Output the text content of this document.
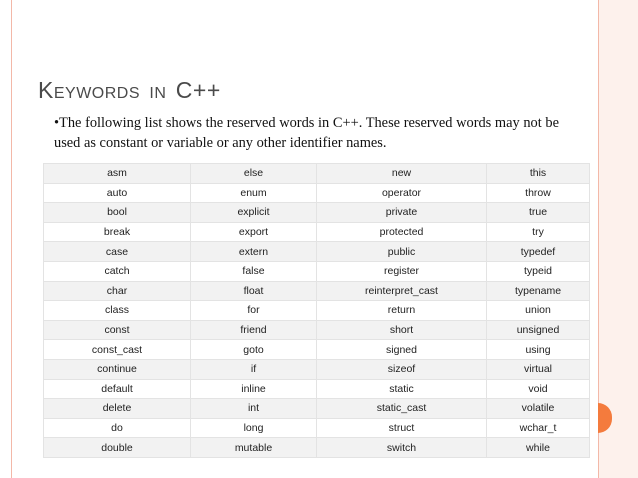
KEYWORDS IN C++

•The following list shows the reserved words in C++. These reserved words may not be used as constant or variable or any other identifier names.

asm	else	new	this
auto	enum	operator	throw
bool	explicit	private	true
break	export	protected	try
case	extern	public	typedef
catch	false	register	typeid
char	float	reinterpret_cast	typename
class	for	return	union
const	friend	short	unsigned
const_cast	goto	signed	using
continue	if	sizeof	virtual
default	inline	static	void
delete	int	static_cast	volatile
do	long	struct	wchar_t
double	mutable	switch	while
